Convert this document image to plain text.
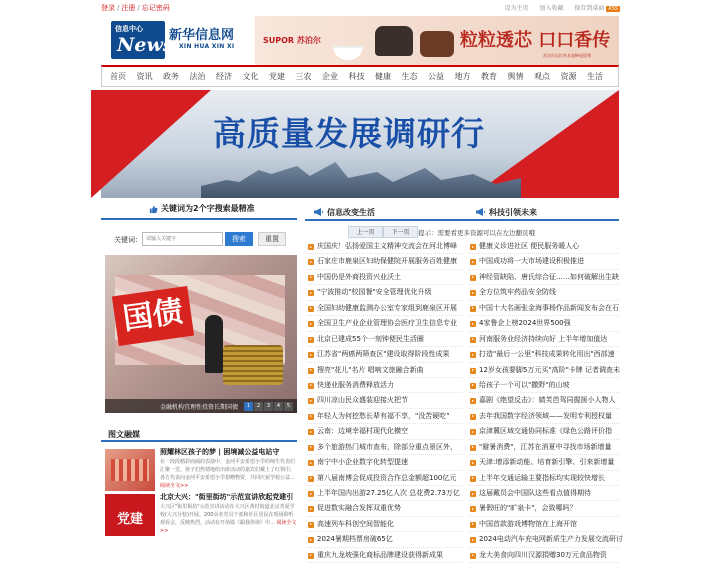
登录 / 注册 / 忘记密码	设为主页 加入收藏 保存到桌面 RSS
信息中心
News
新华信息网
XIN HUA XIN XI
SUPOR 苏泊尔	粒粒透芯 口口香传
苏泊尔远红外本釜IH电饭煲
首页 资讯 政务 法治 经济 文化 党建 三农 企业 科技 健康 生态 公益 地方 教育 舆情 观点 资源 生活
高质量发展调研行
关键词为2个字搜索最精准
关键词：
请输入关键字	搜索	重置
国债
金融机构宜理性投资长期国债	1	2	3	4	5
图文融媒
照耀林区孩子的梦 | 困境减公益电站守
在一段段精彩而闹的表演中，金河平安希望小学的师生代表们汇聚一堂，孩子们热情地给出席活动的嘉宾们戴上了红领巾，各方代表向金河平安希望小学捐赠物资，共同庆祝学校公益... 阅读全文>>
党建
北京大兴："街里街坊"示范宣讲欣起党建引
大兴区"街里街坊"示范宣讲活动在大兴区黄村街道北京青夏学校(大兴分校)开展。200余名党员干部和社区居民在现场聆听观看会，反映热烈。活动在开场篇《跟我你读》中... 阅读全文>>
信息改变生活	科技引领未来
上一页	下一页	提示：需要看更多资源可以在左边翻页哦
庆国庆！弘扬爱国主义精神交流会在河北博峰
石家庄市鹿泉区妇幼保健院开展服务百姓健康
中国仍是外商投资兴业沃土
"宁波推动"校园餐"安全管理优化升级
全国妇幼健康监测办公室专家组到鹿泉区开展
全国卫生产业企业管理协会医疗卫生信息专业
北京已建成55个一刻钟便民生活圈
江苏省"两癌两筛查区"建设取得阶段性成果
搜亮"花儿"名片 唱响文旅融合新曲
快递业服务消费释放活力
四川凉山民众盛装迎接火把节
年轻人为何挖愁长辈有福不享，"没苦硬吃"
云南：边境幸福村现代化横空
多个旅游热门城市查布，除部分重点景区外，
南宁中小企业数字化转型提速
第八届南博会促成投资合作总金额超100亿元
上半年国内出游27.25亿人次 总花费2.73万亿
促进数实融合发挥双重优势
高速列车科创空间智能化
2024暑期档票房破65亿
重庆九龙坡强化商标品牌建设获得新成果
健康义诊进社区 便民服务暖人心
中国成功将一大市场建设积极推进
神经管缺陷、唐氏综合征……如何破解出生缺
全方位筑牢药品安全防线
中国十大名画张金海事杨作品新闻发布会在石
4家鲁企上榜2024世界500强
河南服务业经济持续向好 上半年增加值达
打造"最后一公里"科技成果转化用出"西部速
12岁女孩要脚5万元买"高阶"卡牌 记者调查未
给孩子一个可以"撒野"的山坡
嘉剧《绝望反击》：婧芙芭驾同握援小人物人
去年我国数字经济领域——发明专利授权量
京津冀区域交通协同标准《绿色公路评价指
"避暑消费"，江苏在消夏中寻找市场新增量
天津:增添新动能、培育新引擎、引来新增量
上半年交通运输主要指标均实现较快增长
这届戴员会中国队这些看点值得期待
暑假旺的"旷泉卡"，会致哪吗？
中国首款游戏博物馆在上海开馆
2024电动汽车充电网新质生产力发展交流研讨
龙大美食向四川汉源捐赠30万元食品物资
